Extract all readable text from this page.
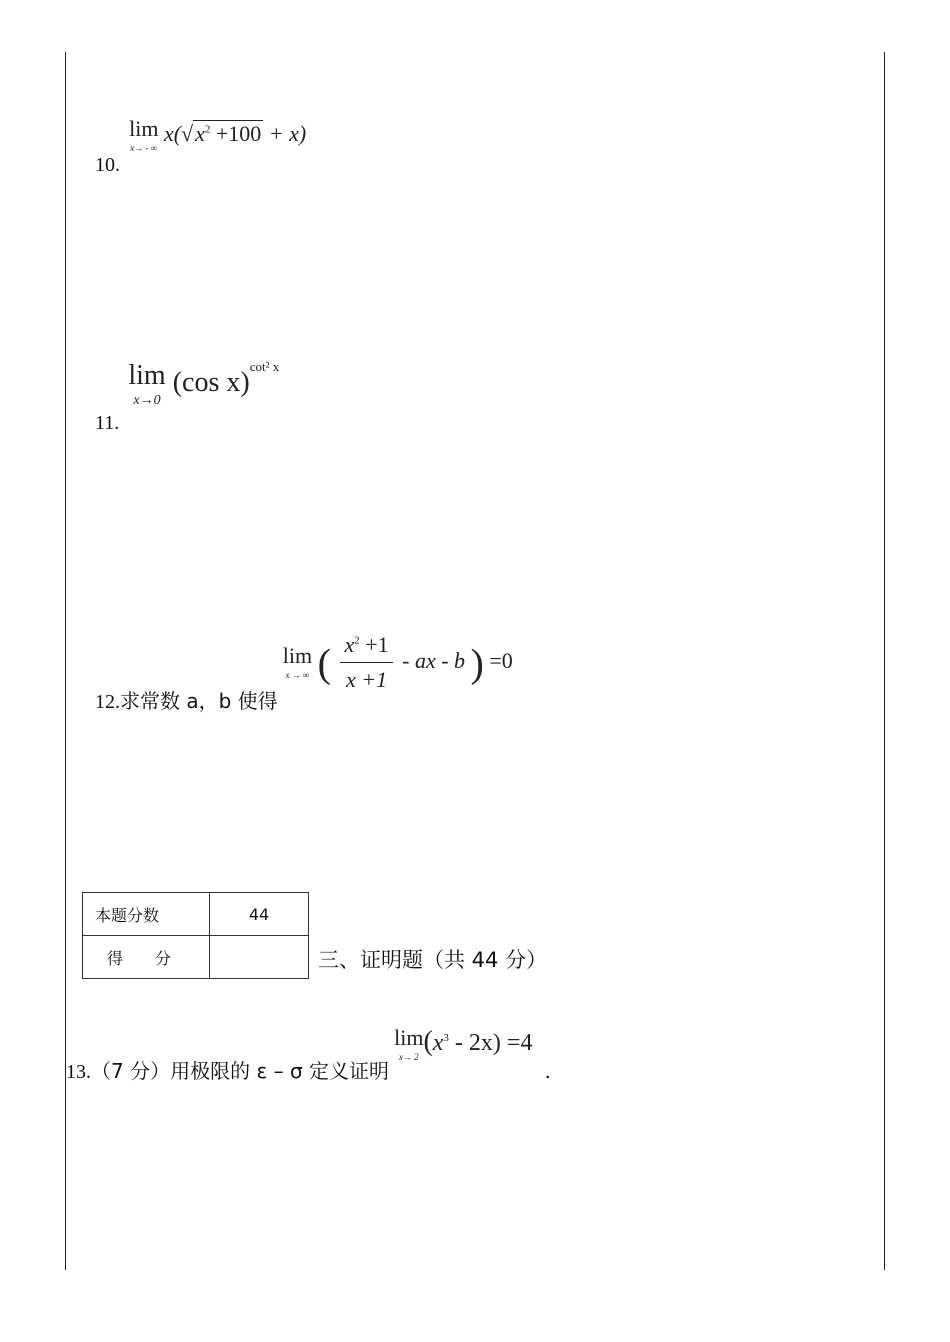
10.
lim
x→ - ∞
$x(√x^2 +100 + x)$
11.
lim
x→0
(cos x)$^{cot^2 x}$
12.求常数 a，b 使得
lim
x → ∞ ( $\frac{x^2 +1}{x +1}$ - ax - b ) =0
本题分数	44
得　　分		三、证明题（共 44 分）
13.（7 分）用极限的 ε – σ 定义证明
lim
x→ 2 $(x^3 - 2x) =4$ .
